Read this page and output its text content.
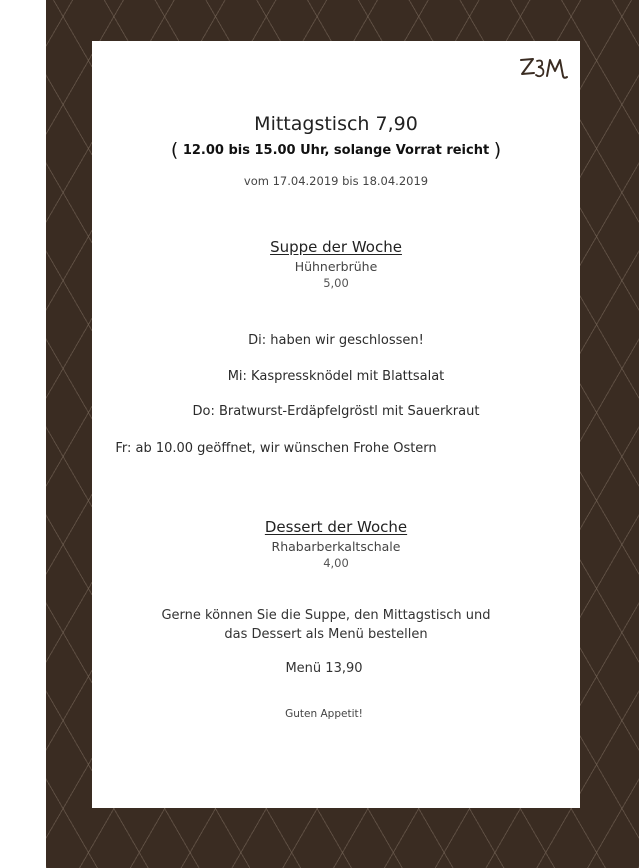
Mittagstisch 7,90
( 12.00 bis 15.00 Uhr, solange Vorrat reicht )
vom 17.04.2019 bis 18.04.2019
Suppe der Woche
Hühnerbrühe
5,00
Di: haben wir geschlossen!
Mi: Kaspressknödel mit Blattsalat
Do: Bratwurst-Erdäpfelgröstl mit Sauerkraut
Fr: ab 10.00 geöffnet, wir wünschen Frohe Ostern
Dessert der Woche
Rhabarberkaltschale
4,00
Gerne können Sie die Suppe, den Mittagstisch und
das Dessert als Menü bestellen
Menü 13,90
Guten Appetit!
